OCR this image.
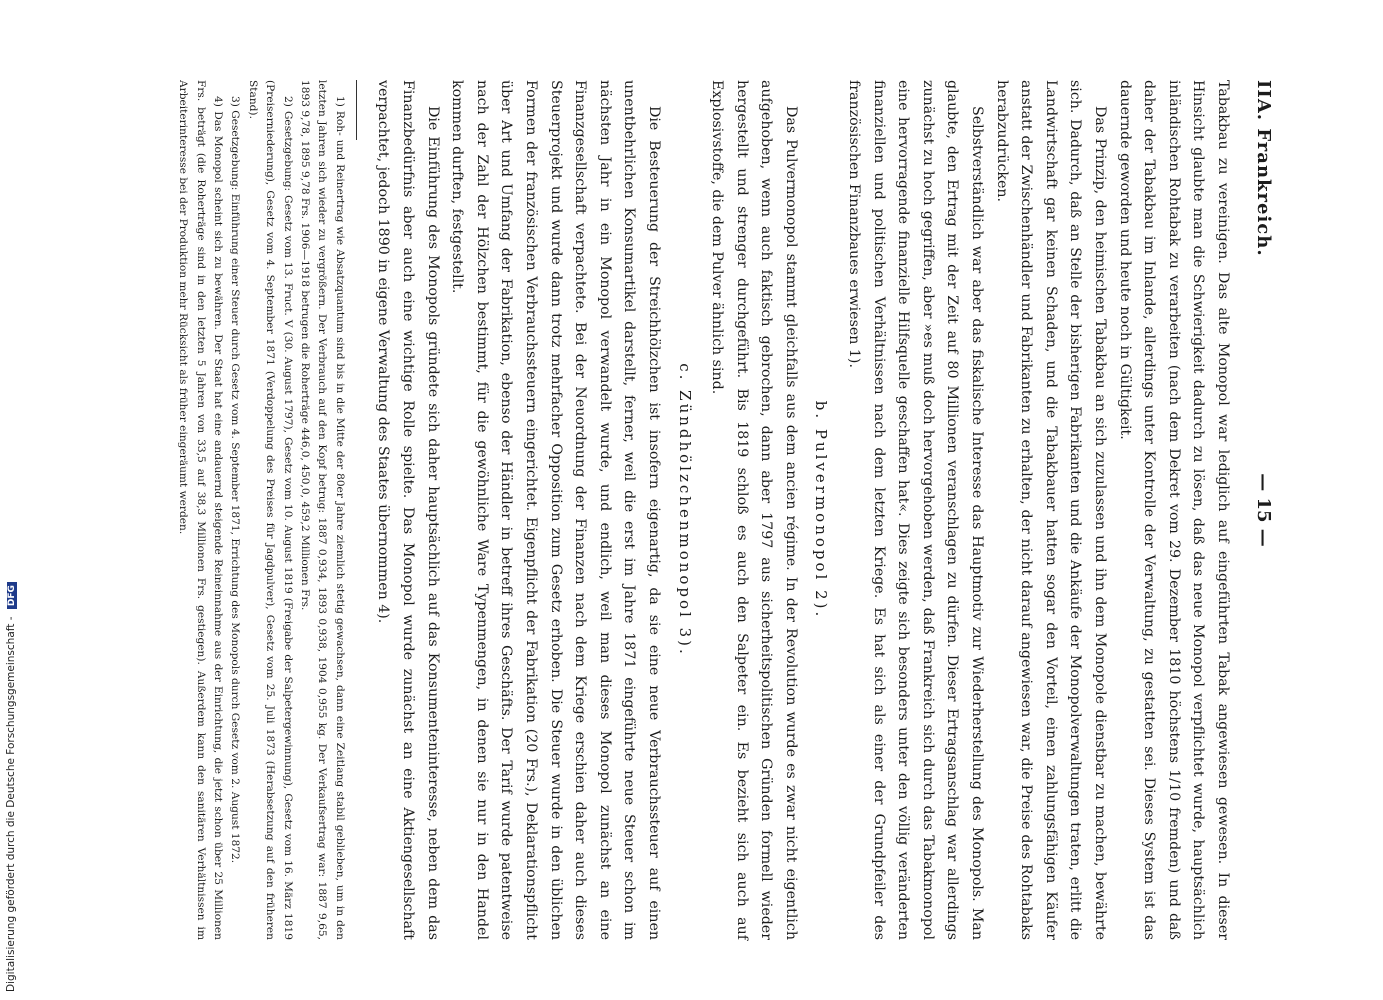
IIA. Frankreich.
— 15 —

Tabakbau zu vereinigen. Das alte Monopol war lediglich auf eingeführten Tabak angewiesen gewesen. In dieser Hinsicht glaubte man die Schwierigkeit dadurch zu lösen, daß das neue Monopol verpflichtet wurde, hauptsächlich inländischen Rohtabak zu verarbeiten (nach dem Dekret vom 29. Dezember 1810 höchstens 1/10 fremden) und daß daher der Tabakbau im Inlande, allerdings unter Kontrolle der Verwaltung, zu gestatten sei. Dieses System ist das dauernde geworden und heute noch in Gültigkeit.

Das Prinzip, den heimischen Tabakbau an sich zuzulassen und ihn dem Monopole dienstbar zu machen, bewährte sich. Dadurch, daß an Stelle der bisherigen Fabrikanten und die Ankäufe der Monopolverwaltungen traten, erlitt die Landwirtschaft gar keinen Schaden, und die Tabakbauer hatten sogar den Vorteil, einen zahlungsfähigen Käufer anstatt der Zwischenhändler und Fabrikanten zu erhalten, der nicht darauf angewiesen war, die Preise des Rohtabaks herabzudrücken.

Selbstverständlich war aber das fiskalische Interesse das Hauptmotiv zur Wiederherstellung des Monopols. Man glaubte, den Ertrag mit der Zeit auf 80 Millionen veranschlagen zu dürfen. Dieser Ertragsanschlag war allerdings zunächst zu hoch gegriffen, aber »es muß doch hervorgehoben werden, daß Frankreich sich durch das Tabakmonopol eine hervorragende finanzielle Hilfsquelle geschaffen hat«. Dies zeigte sich besonders unter den völlig veränderten finanziellen und politischen Verhältnissen nach dem letzten Kriege. Es hat sich als einer der Grundpfeiler des französischen Finanzbaues erwiesen 1).

b. Pulvermonopol 2).

Das Pulvermonopol stammt gleichfalls aus dem ancien régime. In der Revolution wurde es zwar nicht eigentlich aufgehoben, wenn auch faktisch gebrochen, dann aber 1797 aus sicherheitspolitischen Gründen formell wieder hergestellt und strenger durchgeführt. Bis 1819 schloß es auch den Salpeter ein. Es bezieht sich auch auf Explosivstoffe, die dem Pulver ähnlich sind.

c. Zündhölzchenmonopol 3).

Die Besteuerung der Streichhölzchen ist insofern eigenartig, da sie eine neue Verbrauchssteuer auf einen unentbehrlichen Konsumartikel darstellt, ferner, weil die erst im Jahre 1871 eingeführte neue Steuer schon im nächsten Jahr in ein Monopol verwandelt wurde, und endlich, weil man dieses Monopol zunächst an eine Finanzgesellschaft verpachtete. Bei der Neuordnung der Finanzen nach dem Kriege erschien daher auch dieses Steuerprojekt und wurde dann trotz mehrfacher Opposition zum Gesetz erhoben. Die Steuer wurde in den üblichen Formen der französischen Verbrauchssteuern eingerichtet. Eigenpflicht der Fabrikation (20 Frs.), Deklarationspflicht über Art und Umfang der Fabrikation, ebenso der Händler in betreff ihres Geschäfts. Der Tarif wurde patentweise nach der Zahl der Hölzchen bestimmt, für die gewöhnliche Ware Typenmengen, in denen sie nur in den Handel kommen durften, festgestellt.

Die Einführung des Monopols gründete sich daher hauptsächlich auf das Konsumenteninteresse, neben dem das Finanzbedürfnis aber auch eine wichtige Rolle spielte. Das Monopol wurde zunächst an eine Aktiengesellschaft verpachtet, jedoch 1890 in eigene Verwaltung des Staates übernommen 4).

1) Roh- und Reinertrag wie Absatzquantum sind bis in die Mitte der 80er Jahre ziemlich stetig gewachsen, dann eine Zeitlang stabil geblieben, um in den letzten Jahren sich wieder zu vergrößern. Der Verbrauch auf den Kopf betrug: 1887 0,934, 1893 0,938, 1904 0,955 kg. Der Verkaufsertrag war: 1887 9,65, 1893 9,78, 1895 9,78 Frs. 1906—1918 betrugen die Roherträge 446,0, 450,0, 459,2 Millionen Frs.

2) Gesetzgebung: Gesetz vom 13. Fruct. V (30. August 1797), Gesetz vom 10. August 1819 (Freigabe der Salpetergewinnung), Gesetz vom 16. März 1819 (Preiserniederung), Gesetz vom 4. September 1871 (Verdoppelung des Preises für Jagdpulver), Gesetz vom 25. Juli 1873 (Herabsetzung auf den früheren Stand).

3) Gesetzgebung: Einführung einer Steuer durch Gesetz vom 4. September 1871, Errichtung des Monopols durch Gesetz vom 2. August 1872.

4) Das Monopol scheint sich zu bewähren. Der Staat hat eine andauernd steigende Reineinnahme aus der Einrichtung, die jetzt schon über 25 Millionen Frs. beträgt (die Roherträge sind in den letzten 5 Jahren von 33,5 auf 38,3 Millionen Frs. gestiegen). Außerdem kann den sanitären Verhältnissen im Arbeiterinteresse bei der Produktion mehr Rücksicht als früher eingeräumt werden.

Digitalisierung gefördert durch die Deutsche Forschungsgemeinschaft - DFG
